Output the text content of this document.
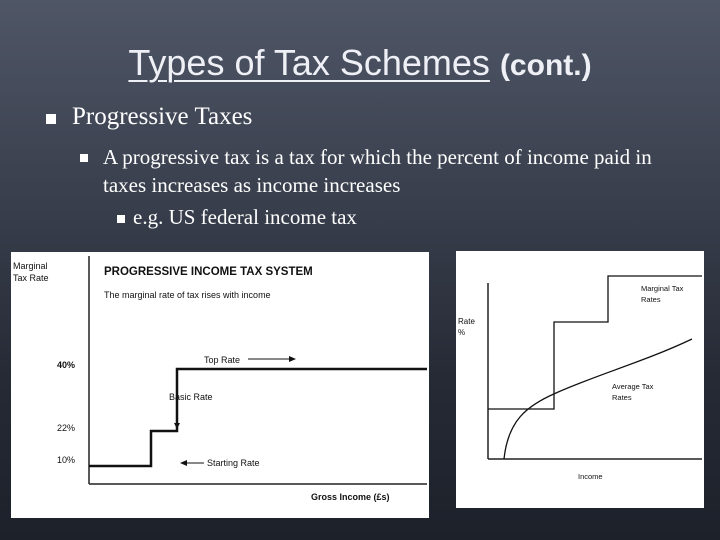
Types of Tax Schemes (cont.)
Progressive Taxes
A progressive tax is a tax for which the percent of income paid in taxes increases as income increases
e.g. US federal income tax
Marginal
Tax Rate	PROGRESSIVE INCOME TAX SYSTEM
The marginal rate of tax rises with income
40%
22%
10%
Top Rate
Basic Rate
Starting Rate
Gross Income (£s)
Rate
%
Marginal Tax
Rates
Average Tax
Rates
Income
